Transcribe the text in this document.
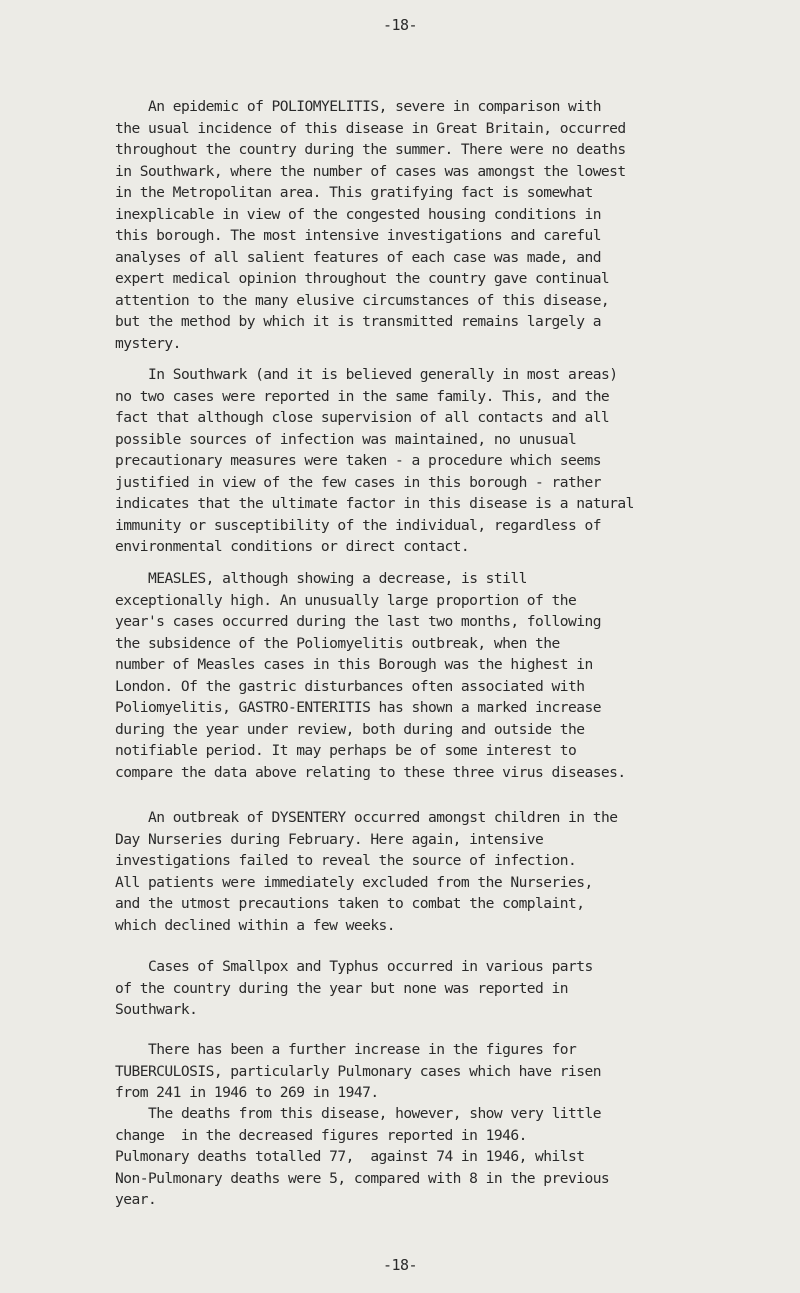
-18-
An epidemic of POLIOMYELITIS, severe in comparison with
the usual incidence of this disease in Great Britain, occurred
throughout the country during the summer. There were no deaths
in Southwark, where the number of cases was amongst the lowest
in the Metropolitan area. This gratifying fact is somewhat
inexplicable in view of the congested housing conditions in
this borough. The most intensive investigations and careful
analyses of all salient features of each case was made, and
expert medical opinion throughout the country gave continual
attention to the many elusive circumstances of this disease,
but the method by which it is transmitted remains largely a
mystery.
In Southwark (and it is believed generally in most areas)
no two cases were reported in the same family. This, and the
fact that although close supervision of all contacts and all
possible sources of infection was maintained, no unusual
precautionary measures were taken - a procedure which seems
justified in view of the few cases in this borough - rather
indicates that the ultimate factor in this disease is a natural
immunity or susceptibility of the individual, regardless of
environmental conditions or direct contact.
MEASLES, although showing a decrease, is still
exceptionally high. An unusually large proportion of the
year's cases occurred during the last two months, following
the subsidence of the Poliomyelitis outbreak, when the
number of Measles cases in this Borough was the highest in
London. Of the gastric disturbances often associated with
Poliomyelitis, GASTRO-ENTERITIS has shown a marked increase
during the year under review, both during and outside the
notifiable period. It may perhaps be of some interest to
compare the data above relating to these three virus diseases.
An outbreak of DYSENTERY occurred amongst children in the
Day Nurseries during February. Here again, intensive
investigations failed to reveal the source of infection.
All patients were immediately excluded from the Nurseries,
and the utmost precautions taken to combat the complaint,
which declined within a few weeks.
Cases of Smallpox and Typhus occurred in various parts
of the country during the year but none was reported in
Southwark.
There has been a further increase in the figures for
TUBERCULOSIS, particularly Pulmonary cases which have risen
from 241 in 1946 to 269 in 1947.
The deaths from this disease, however, show very little
change  in the decreased figures reported in 1946.
Pulmonary deaths totalled 77,  against 74 in 1946, whilst
Non-Pulmonary deaths were 5, compared with 8 in the previous
year.
-18-
